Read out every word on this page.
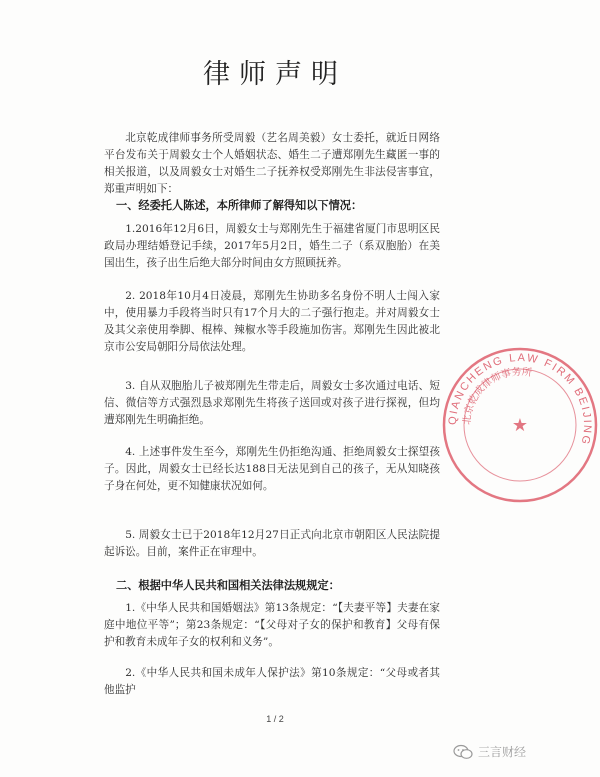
律师声明
北京乾成律师事务所受周毅（艺名周美毅）女士委托，就近日网络平台发布关于周毅女士个人婚姻状态、婚生二子遭郑刚先生藏匿一事的相关报道，以及周毅女士对婚生二子抚养权受郑刚先生非法侵害事宜，郑重声明如下：
一、经委托人陈述，本所律师了解得知以下情况：
1.2016年12月6日，周毅女士与郑刚先生于福建省厦门市思明区民政局办理结婚登记手续，2017年5月2日，婚生二子（系双胞胎）在美国出生，孩子出生后绝大部分时间由女方照顾抚养。
2. 2018年10月4日凌晨，郑刚先生协助多名身份不明人士闯入家中，使用暴力手段将当时只有17个月大的二子强行抱走。并对周毅女士及其父亲使用拳脚、棍棒、辣椒水等手段施加伤害。郑刚先生因此被北京市公安局朝阳分局依法处理。
3. 自从双胞胎儿子被郑刚先生带走后，周毅女士多次通过电话、短信、微信等方式强烈恳求郑刚先生将孩子送回或对孩子进行探视，但均遭郑刚先生明确拒绝。
4. 上述事件发生至今，郑刚先生仍拒绝沟通、拒绝周毅女士探望孩子。因此，周毅女士已经长达188日无法见到自己的孩子，无从知晓孩子身在何处，更不知健康状况如何。
5. 周毅女士已于2018年12月27日正式向北京市朝阳区人民法院提起诉讼。目前，案件正在审理中。
二、根据中华人民共和国相关法律法规规定：
1.《中华人民共和国婚姻法》第13条规定：“【夫妻平等】夫妻在家庭中地位平等”；第23条规定：“【父母对子女的保护和教育】父母有保护和教育未成年子女的权利和义务”。
2.《中华人民共和国未成年人保护法》第10条规定：“父母或者其他监护
QIANCHENG LAW FIRM BEIJING
北京乾成律师事务所
★
1 / 2
三言财经
